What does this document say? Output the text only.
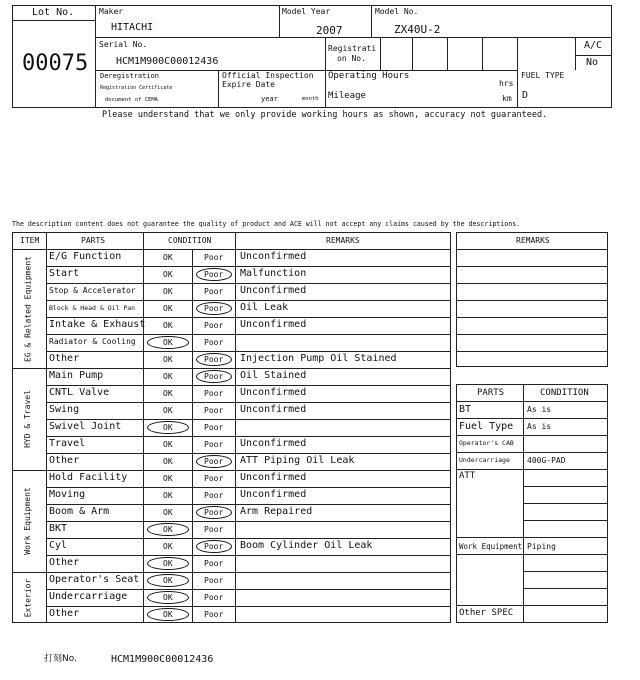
Lot No.
00075
Maker
HITACHI
Model Year
2007
Model No.
ZX40U-2
Serial No.
HCM1M900C00012436
Registrati
on No.
A/C
No
Deregistration
Registration Certificate
document of CEMA
Official Inspection
Expire Date
year	month
Operating Hours
hrs
Mileage	km
FUEL TYPE
D
Please understand that we only provide working hours as shown, accuracy not guaranteed.
The description content does not guarantee the quality of product and ACE will not accept any claims caused by the descriptions.
ITEM	PARTS	CONDITION	REMARKS
E/G Function	OK	Poor Unconfirmed
Start	OK	Poor Malfunction
Stop & Accelerator	OK	Poor Unconfirmed
Block & Head & Oil Pan	OK	Poor Oil Leak
Intake & Exhaust OK	Poor Unconfirmed
Radiator & Cooling	OK	Poor
Other	OK	Poor Injection Pump Oil Stained
EG & Related Equipment
Main Pump	OK	Poor Oil Stained
CNTL Valve	OK	Poor Unconfirmed
Swing	OK	Poor Unconfirmed
Swivel Joint	OK	Poor
Travel	OK	Poor Unconfirmed
Other	OK	Poor ATT Piping Oil Leak
HYD & Travel
Hold Facility	OK	Poor Unconfirmed
Moving	OK	Poor Unconfirmed
Boom & Arm	OK	Poor Arm Repaired
BKT	OK	Poor
Cyl	OK	Poor Boom Cylinder Oil Leak
Other	OK	Poor
Work Equipment
Operator's Seat	OK	Poor
Undercarriage	OK	Poor
Other	OK	Poor
Exterior
REMARKS
PARTS	CONDITION
BT	As is
Fuel Type As is
Operator's CAB
Undercarriage 400G-PAD
ATT
Work Equipment Piping
Other SPEC
打刻No.	HCM1M900C00012436
